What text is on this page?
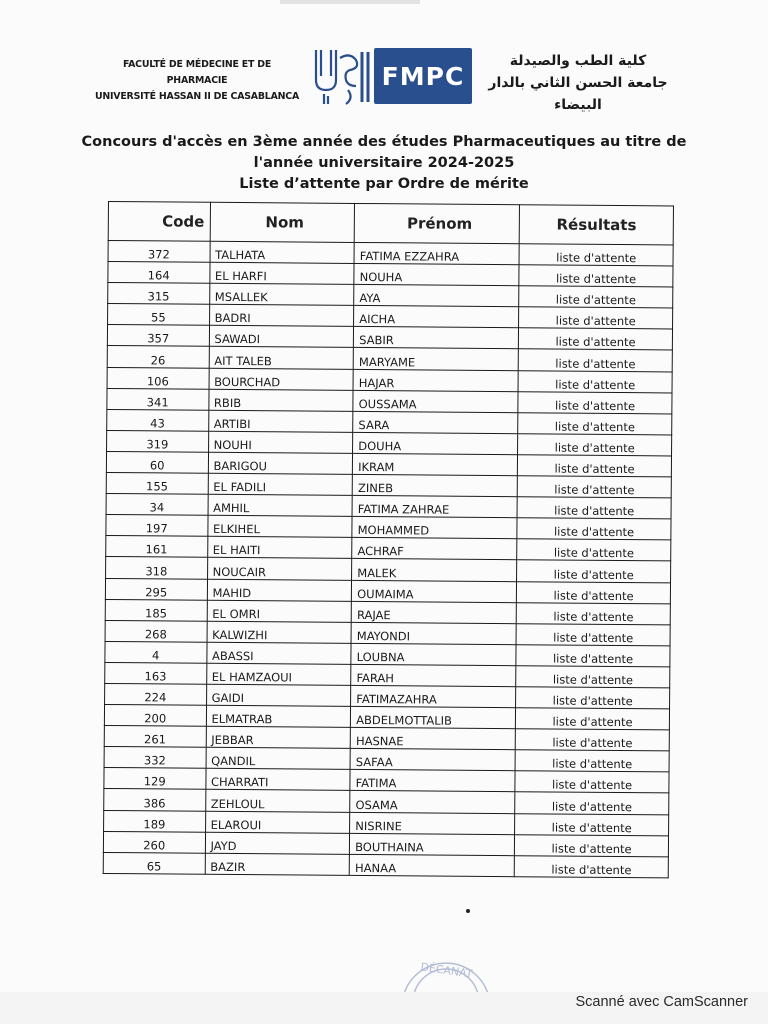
FACULTÉ DE MÉDECINE ET DE PHARMACIE
UNIVERSITÉ HASSAN II DE CASABLANCA
FMPC
كلية الطب والصيدلة
جامعة الحسن الثاني بالدار البيضاء
Concours d'accès en 3ème année des études Pharmaceutiques au titre de
l'année universitaire 2024-2025
Liste d’attente par Ordre de mérite
Code	Nom	Prénom	Résultats
372	TALHATA	FATIMA EZZAHRA	liste d'attente
164	EL HARFI	NOUHA	liste d'attente
315	MSALLEK	AYA	liste d'attente
55	BADRI	AICHA	liste d'attente
357	SAWADI	SABIR	liste d'attente
26	AIT TALEB	MARYAME	liste d'attente
106	BOURCHAD	HAJAR	liste d'attente
341	RBIB	OUSSAMA	liste d'attente
43	ARTIBI	SARA	liste d'attente
319	NOUHI	DOUHA	liste d'attente
60	BARIGOU	IKRAM	liste d'attente
155	EL FADILI	ZINEB	liste d'attente
34	AMHIL	FATIMA ZAHRAE	liste d'attente
197	ELKIHEL	MOHAMMED	liste d'attente
161	EL HAITI	ACHRAF	liste d'attente
318	NOUCAIR	MALEK	liste d'attente
295	MAHID	OUMAIMA	liste d'attente
185	EL OMRI	RAJAE	liste d'attente
268	KALWIZHI	MAYONDI	liste d'attente
4	ABASSI	LOUBNA	liste d'attente
163	EL HAMZAOUI	FARAH	liste d'attente
224	GAIDI	FATIMAZAHRA	liste d'attente
200	ELMATRAB	ABDELMOTTALIB	liste d'attente
261	JEBBAR	HASNAE	liste d'attente
332	QANDIL	SAFAA	liste d'attente
129	CHARRATI	FATIMA	liste d'attente
386	ZEHLOUL	OSAMA	liste d'attente
189	ELAROUI	NISRINE	liste d'attente
260	JAYD	BOUTHAINA	liste d'attente
65	BAZIR	HANAA	liste d'attente
DÉCANAT
Scanné avec CamScanner
